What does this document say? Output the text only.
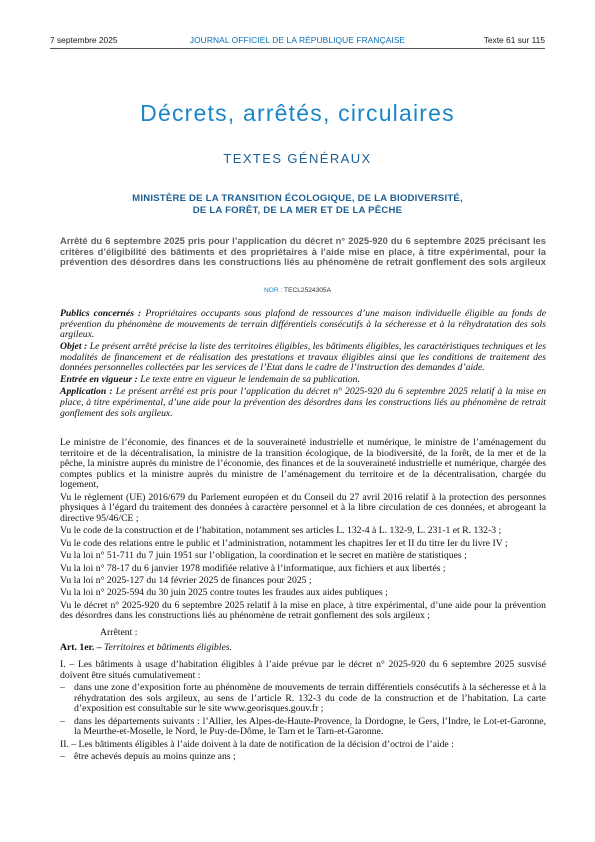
7 septembre 2025	JOURNAL OFFICIEL DE LA RÉPUBLIQUE FRANÇAISE	Texte 61 sur 115
Décrets, arrêtés, circulaires
TEXTES GÉNÉRAUX
MINISTÈRE DE LA TRANSITION ÉCOLOGIQUE, DE LA BIODIVERSITÉ,
DE LA FORÊT, DE LA MER ET DE LA PÊCHE
Arrêté du 6 septembre 2025 pris pour l’application du décret n° 2025-920 du 6 septembre 2025 précisant les critères d’éligibilité des bâtiments et des propriétaires à l’aide mise en place, à titre expérimental, pour la prévention des désordres dans les constructions liés au phénomène de retrait gonflement des sols argileux
NOR : TECL2524305A

Publics concernés : Propriétaires occupants sous plafond de ressources d’une maison individuelle éligible au fonds de prévention du phénomène de mouvements de terrain différentiels consécutifs à la sécheresse et à la réhydratation des sols argileux.

Objet : Le présent arrêté précise la liste des territoires éligibles, les bâtiments éligibles, les caractéristiques techniques et les modalités de financement et de réalisation des prestations et travaux éligibles ainsi que les conditions de traitement des données personnelles collectées par les services de l’Etat dans le cadre de l’instruction des demandes d’aide.

Entrée en vigueur : Le texte entre en vigueur le lendemain de sa publication.

Application : Le présent arrêté est pris pour l’application du décret n° 2025-920 du 6 septembre 2025 relatif à la mise en place, à titre expérimental, d’une aide pour la prévention des désordres dans les constructions liés au phénomène de retrait gonflement des sols argileux.

Le ministre de l’économie, des finances et de la souveraineté industrielle et numérique, le ministre de l’aménagement du territoire et de la décentralisation, la ministre de la transition écologique, de la biodiversité, de la forêt, de la mer et de la pêche, la ministre auprès du ministre de l’économie, des finances et de la souveraineté industrielle et numérique, chargée des comptes publics et la ministre auprès du ministre de l’aménagement du territoire et de la décentralisation, chargée du logement,

Vu le règlement (UE) 2016/679 du Parlement européen et du Conseil du 27 avril 2016 relatif à la protection des personnes physiques à l’égard du traitement des données à caractère personnel et à la libre circulation de ces données, et abrogeant la directive 95/46/CE ;

Vu le code de la construction et de l’habitation, notamment ses articles L. 132-4 à L. 132-9, L. 231-1 et R. 132-3 ;

Vu le code des relations entre le public et l’administration, notamment les chapitres Ier et II du titre Ier du livre IV ;

Vu la loi n° 51-711 du 7 juin 1951 sur l’obligation, la coordination et le secret en matière de statistiques ;

Vu la loi n° 78-17 du 6 janvier 1978 modifiée relative à l’informatique, aux fichiers et aux libertés ;

Vu la loi n° 2025-127 du 14 février 2025 de finances pour 2025 ;

Vu la loi n° 2025-594 du 30 juin 2025 contre toutes les fraudes aux aides publiques ;

Vu le décret n° 2025-920 du 6 septembre 2025 relatif à la mise en place, à titre expérimental, d’une aide pour la prévention des désordres dans les constructions liés au phénomène de retrait gonflement des sols argileux ;

Arrêtent :

Art. 1er. – Territoires et bâtiments éligibles.

I. – Les bâtiments à usage d’habitation éligibles à l’aide prévue par le décret n° 2025-920 du 6 septembre 2025 susvisé doivent être situés cumulativement :

– dans une zone d’exposition forte au phénomène de mouvements de terrain différentiels consécutifs à la sécheresse et à la réhydratation des sols argileux, au sens de l’article R. 132-3 du code de la construction et de l’habitation. La carte d’exposition est consultable sur le site www.georisques.gouv.fr ;
– dans les départements suivants : l’Allier, les Alpes-de-Haute-Provence, la Dordogne, le Gers, l’Indre, le Lot-et-Garonne, la Meurthe-et-Moselle, le Nord, le Puy-de-Dôme, le Tarn et le Tarn-et-Garonne.

II. – Les bâtiments éligibles à l’aide doivent à la date de notification de la décision d’octroi de l’aide :

– être achevés depuis au moins quinze ans ;
